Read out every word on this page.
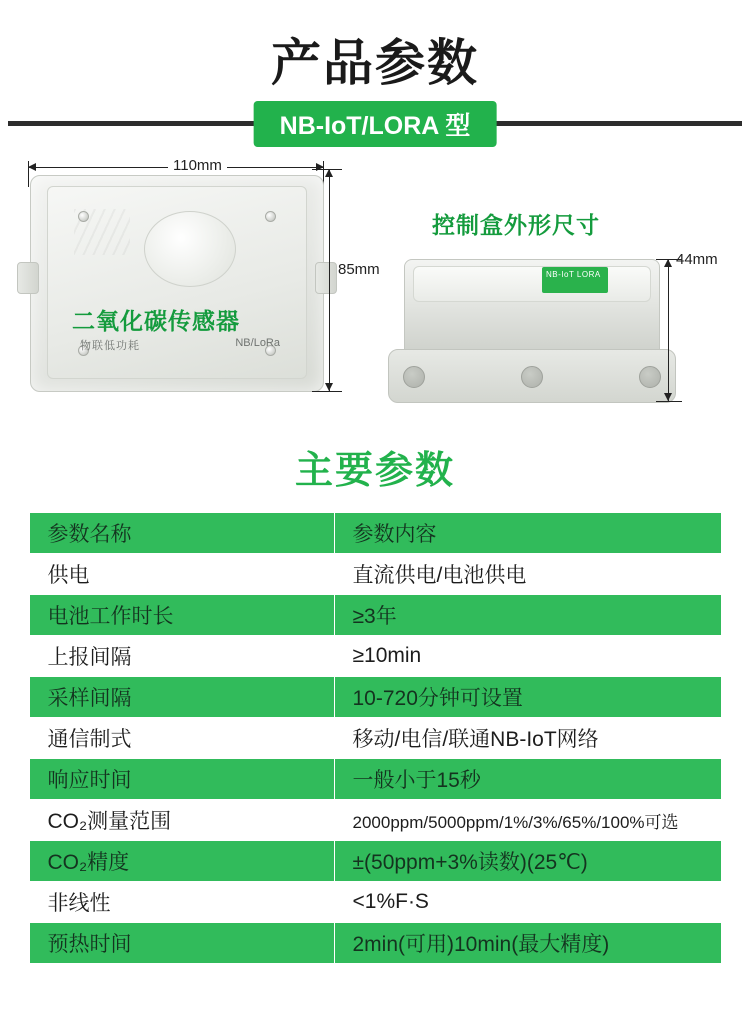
产品参数
NB-IoT/LORA 型
110mm
二氧化碳传感器
物联低功耗	NB/LoRa
85mm
控制盒外形尺寸
NB-IoT LORA
44mm
主要参数
参数名称	参数内容
供电	直流供电/电池供电
电池工作时长	≥3年
上报间隔	≥10min
采样间隔	10-720分钟可设置
通信制式	移动/电信/联通NB-IoT网络
响应时间	一般小于15秒
CO₂测量范围	2000ppm/5000ppm/1%/3%/65%/100%可选
CO₂精度	±(50ppm+3%读数)(25℃)
非线性	<1%F·S
预热时间	2min(可用)10min(最大精度)
